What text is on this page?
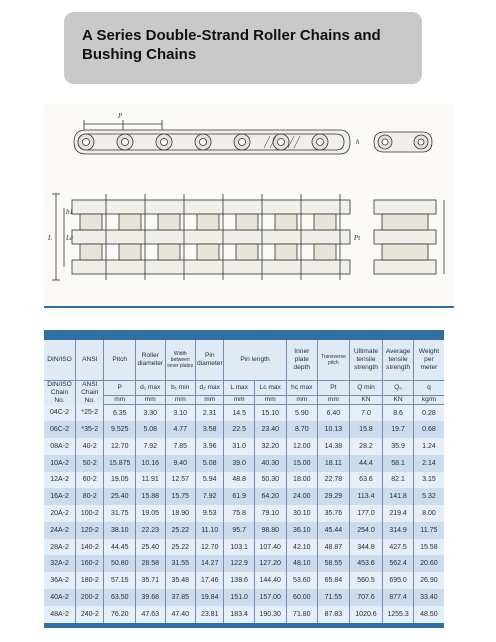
A Series Double-Strand Roller Chains and Bushing Chains
P
L Lc
b1
h
Pt
DIN/ISO	ANSI	Pitch	Roller diameter	Width between inner plates	Pin diameter	Pin length		Inner plate depth	Transverse pitch	Ultimate tensile strength	Average tensile strength	Weight per meter
DIN/ISO Chain No.	ANSI Chain No.	P	d₁ max	b₁ min	d₂ max	L max	Lc max	hc max	Pt	Q min	Q₀	q
		mm	mm	mm	mm	mm	mm	mm	mm	KN	KN	kg/m
04C-2	*25-2	6.35	3.30	3.10	2.31	14.5	15.10	5.90	6.40	7.0	8.6	0.28
06C-2	*35-2	9.525	5.08	4.77	3.58	22.5	23.40	8.70	10.13	15.8	19.7	0.68
08A-2	40-2	12.70	7.92	7.85	3.96	31.0	32.20	12.00	14.38	28.2	35.9	1.24
10A-2	50-2	15.875	10.16	9.40	5.08	39.0	40.30	15.00	18.11	44.4	58.1	2.14
12A-2	60-2	19.05	11.91	12.57	5.94	48.8	50.30	18.00	22.78	63.6	82.1	3.15
16A-2	80-2	25.40	15.88	15.75	7.92	61.9	64.20	24.00	29.29	113.4	141.8	5.32
20A-2	100-2	31.75	19.05	18.90	9.53	75.8	79.10	30.10	35.76	177.0	219.4	8.00
24A-2	120-2	38.10	22.23	25.22	11.10	95.7	98.80	36.10	45.44	254.0	314.9	11.75
28A-2	140-2	44.45	25.40	25.22	12.70	103.1	107.40	42.10	48.87	344.8	427.5	15.58
32A-2	160-2	50.80	28.58	31.55	14.27	122.9	127.20	48.10	58.55	453.6	562.4	20.60
36A-2	180-2	57.15	35.71	35.48	17.46	138.6	144.40	53.60	65.84	560.5	695.0	26.90
40A-2	200-2	63.50	39.68	37.85	19.84	151.0	157.00	60.00	71.55	707.6	877.4	33.40
48A-2	240-2	76.20	47.63	47.40	23.81	183.4	190.30	71.80	87.83	1020.6	1255.3	48.50
